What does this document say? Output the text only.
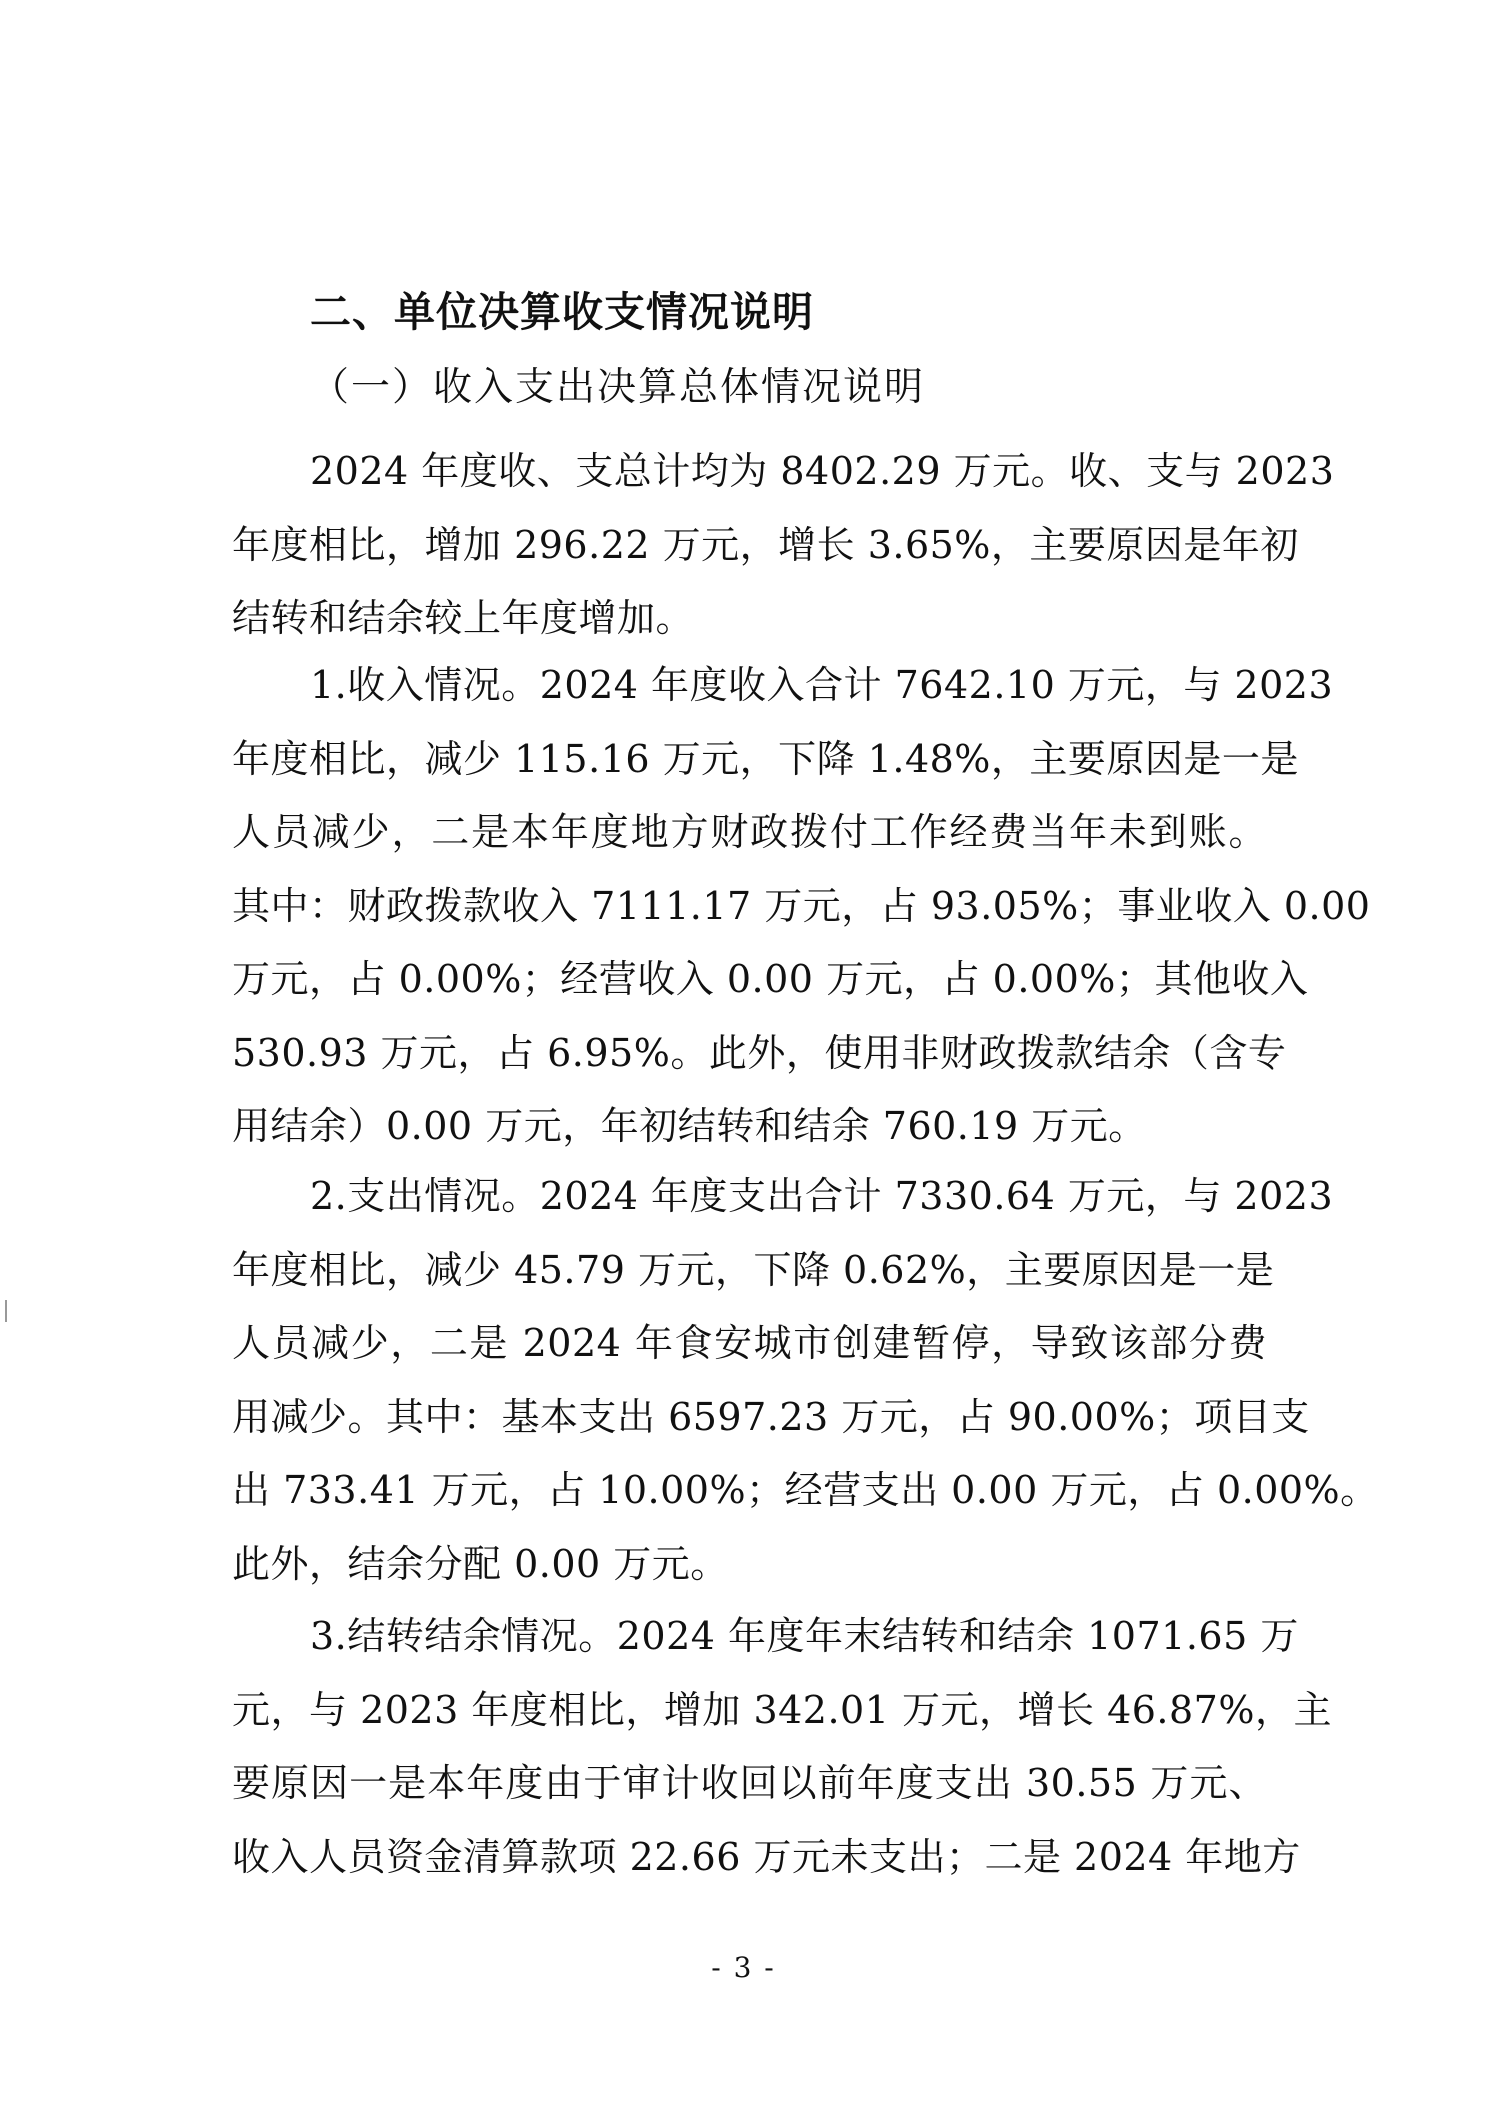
二、单位决算收支情况说明
（一）收入支出决算总体情况说明
2024 年度收、支总计均为 8402.29 万元。收、支与 2023
年度相比，增加 296.22 万元，增长 3.65%，主要原因是年初
结转和结余较上年度增加。
1.收入情况。2024 年度收入合计 7642.10 万元，与 2023
年度相比，减少 115.16 万元，下降 1.48%，主要原因是一是
人员减少，二是本年度地方财政拨付工作经费当年未到账。
其中：财政拨款收入 7111.17 万元，占 93.05%；事业收入 0.00
万元，占 0.00%；经营收入 0.00 万元，占 0.00%；其他收入
530.93 万元，占 6.95%。此外，使用非财政拨款结余（含专
用结余）0.00 万元，年初结转和结余 760.19 万元。
2.支出情况。2024 年度支出合计 7330.64 万元，与 2023
年度相比，减少 45.79 万元，下降 0.62%，主要原因是一是
人员减少，二是 2024 年食安城市创建暂停，导致该部分费
用减少。其中：基本支出 6597.23 万元，占 90.00%；项目支
出 733.41 万元，占 10.00%；经营支出 0.00 万元，占 0.00%。
此外，结余分配 0.00 万元。
3.结转结余情况。2024 年度年末结转和结余 1071.65 万
元，与 2023 年度相比，增加 342.01 万元，增长 46.87%，主
要原因一是本年度由于审计收回以前年度支出 30.55 万元、
收入人员资金清算款项 22.66 万元未支出；二是 2024 年地方
- 3 -
